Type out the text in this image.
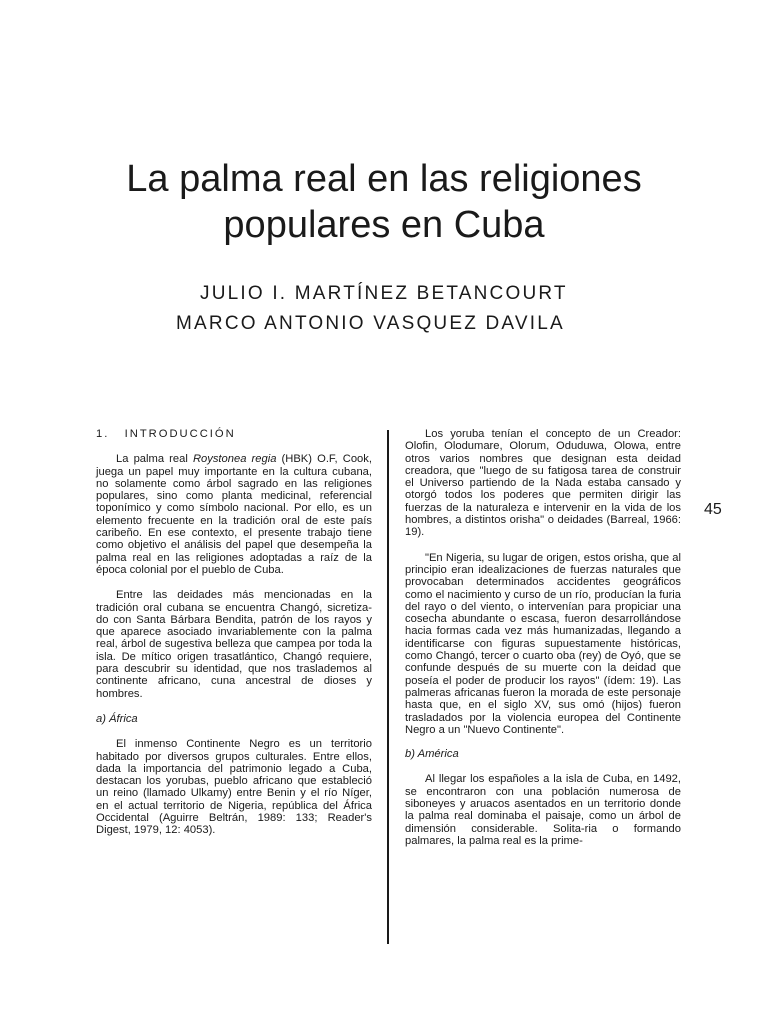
La palma real en las religiones
populares en Cuba
JULIO I. MARTÍNEZ BETANCOURT
MARCO ANTONIO VASQUEZ DAVILA

1.   INTRODUCCIÓN

La palma real Roystonea regia (HBK) O.F, Cook, juega un papel muy importante en la cultura cubana, no solamente como árbol sagrado en las religiones populares, sino como planta medicinal, referencial toponímico y como símbolo nacional. Por ello, es un elemento frecuente en la tradición oral de este país caribeño. En ese contexto, el presente trabajo tiene como objetivo el análisis del papel que desempeña la palma real en las religiones adoptadas a raíz de la época colonial por el pueblo de Cuba.

Entre las deidades más mencionadas en la tradición oral cubana se encuentra Changó, sicretiza-do con Santa Bárbara Bendita, patrón de los rayos y que aparece asociado invariablemente con la palma real, árbol de sugestiva belleza que campea por toda la isla. De mítico origen trasatlántico, Changó requiere, para descubrir su identidad, que nos traslademos al continente africano, cuna ancestral de dioses y hombres.

a) África

El inmenso Continente Negro es un territorio habitado por diversos grupos culturales. Entre ellos, dada la importancia del patrimonio legado a Cuba, destacan los yorubas, pueblo africano que estableció un reino (llamado Ulkamy) entre Benin y el río Níger, en el actual territorio de Nigeria, república del África Occidental (Aguirre Beltrán, 1989: 133; Reader's Digest, 1979, 12: 4053).

Los yoruba tenían el concepto de un Creador: Olofin, Olodumare, Olorum, Oduduwa, Olowa, entre otros varios nombres que designan esta deidad creadora, que "luego de su fatigosa tarea de construir el Universo partiendo de la Nada estaba cansado y otorgó todos los poderes que permiten dirigir las fuerzas de la naturaleza e intervenir en la vida de los hombres, a distintos orisha" o deidades (Barreal, 1966: 19).

"En Nigeria, su lugar de origen, estos orisha, que al principio eran idealizaciones de fuerzas naturales que provocaban determinados accidentes geográficos como el nacimiento y curso de un río, producían la furia del rayo o del viento, o intervenían para propiciar una cosecha abundante o escasa, fueron desarrollándose hacia formas cada vez más humanizadas, llegando a identificarse con figuras supuestamente históricas, como Changó, tercer o cuarto oba (rey) de Oyó, que se confunde después de su muerte con la deidad que poseía el poder de producir los rayos" (ídem: 19). Las palmeras africanas fueron la morada de este personaje hasta que, en el siglo XV, sus omó (hijos) fueron trasladados por la violencia europea del Continente Negro a un "Nuevo Continente".

b) América

Al llegar los españoles a la isla de Cuba, en 1492, se encontraron con una población numerosa de siboneyes y aruacos asentados en un territorio donde la palma real dominaba el paisaje, como un árbol de dimensión considerable. Solita-ria o formando palmares, la palma real es la prime-

45
